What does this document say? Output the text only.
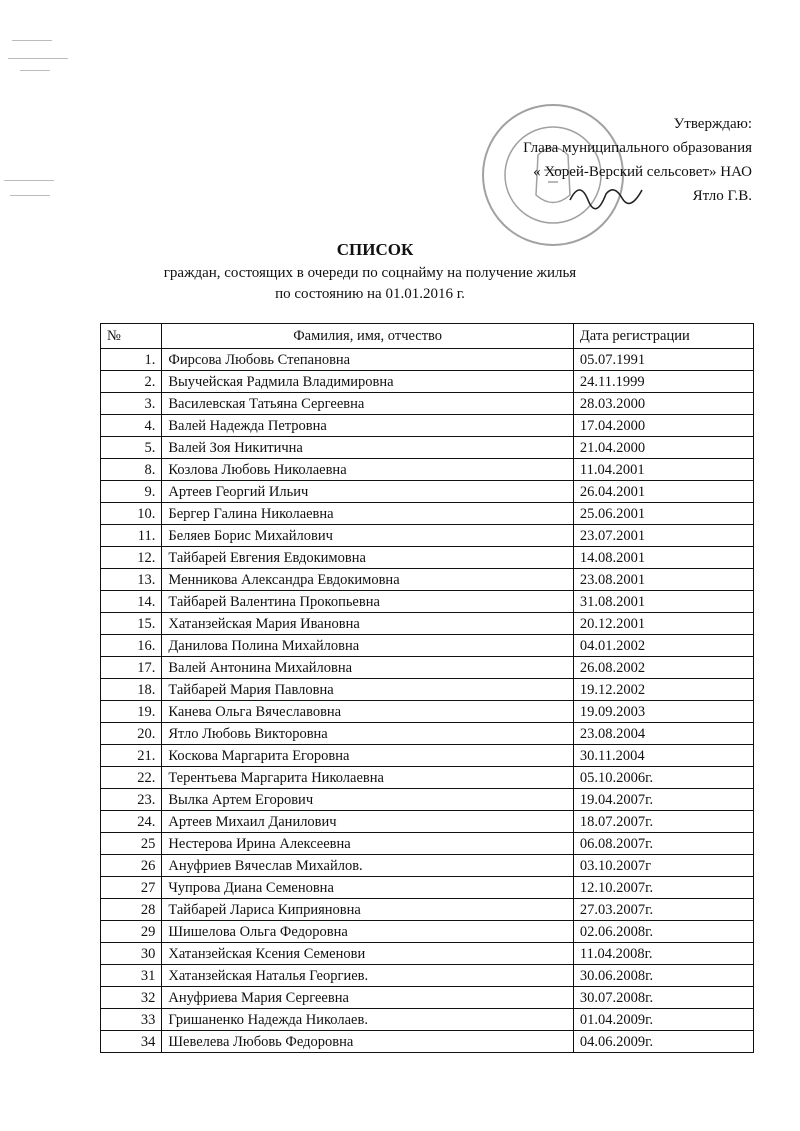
Утверждаю:
Глава муниципального образования
« Хорей-Верский сельсовет» НАО
Ятло Г.В.
СПИСОК
граждан, состоящих в очереди по соцнайму на получение жилья
по состоянию на 01.01.2016 г.
№	Фамилия, имя, отчество	Дата регистрации
1.	Фирсова Любовь Степановна	05.07.1991
2.	Выучейская Радмила Владимировна	24.11.1999
3.	Василевская Татьяна Сергеевна	28.03.2000
4.	Валей Надежда Петровна	17.04.2000
5.	Валей Зоя Никитична	21.04.2000
8.	Козлова Любовь Николаевна	11.04.2001
9.	Артеев Георгий Ильич	26.04.2001
10.	Бергер Галина Николаевна	25.06.2001
11.	Беляев Борис Михайлович	23.07.2001
12.	Тайбарей Евгения Евдокимовна	14.08.2001
13.	Менникова Александра Евдокимовна	23.08.2001
14.	Тайбарей Валентина Прокопьевна	31.08.2001
15.	Хатанзейская Мария Ивановна	20.12.2001
16.	Данилова Полина Михайловна	04.01.2002
17.	Валей Антонина Михайловна	26.08.2002
18.	Тайбарей Мария Павловна	19.12.2002
19.	Канева Ольга Вячеславовна	19.09.2003
20.	Ятло Любовь Викторовна	23.08.2004
21.	Коскова Маргарита Егоровна	30.11.2004
22.	Терентьева Маргарита Николаевна	05.10.2006г.
23.	Вылка Артем Егорович	19.04.2007г.
24.	Артеев Михаил Данилович	18.07.2007г.
25	Нестерова Ирина Алексеевна	06.08.2007г.
26	Ануфриев Вячеслав Михайлов.	03.10.2007г
27	Чупрова Диана Семеновна	12.10.2007г.
28	Тайбарей Лариса Киприяновна	27.03.2007г.
29	Шишелова Ольга Федоровна	02.06.2008г.
30	Хатанзейская Ксения Семенови	11.04.2008г.
31	Хатанзейская Наталья Георгиев.	30.06.2008г.
32	Ануфриева Мария Сергеевна	30.07.2008г.
33	Гришаненко Надежда Николаев.	01.04.2009г.
34	Шевелева Любовь Федоровна	04.06.2009г.
